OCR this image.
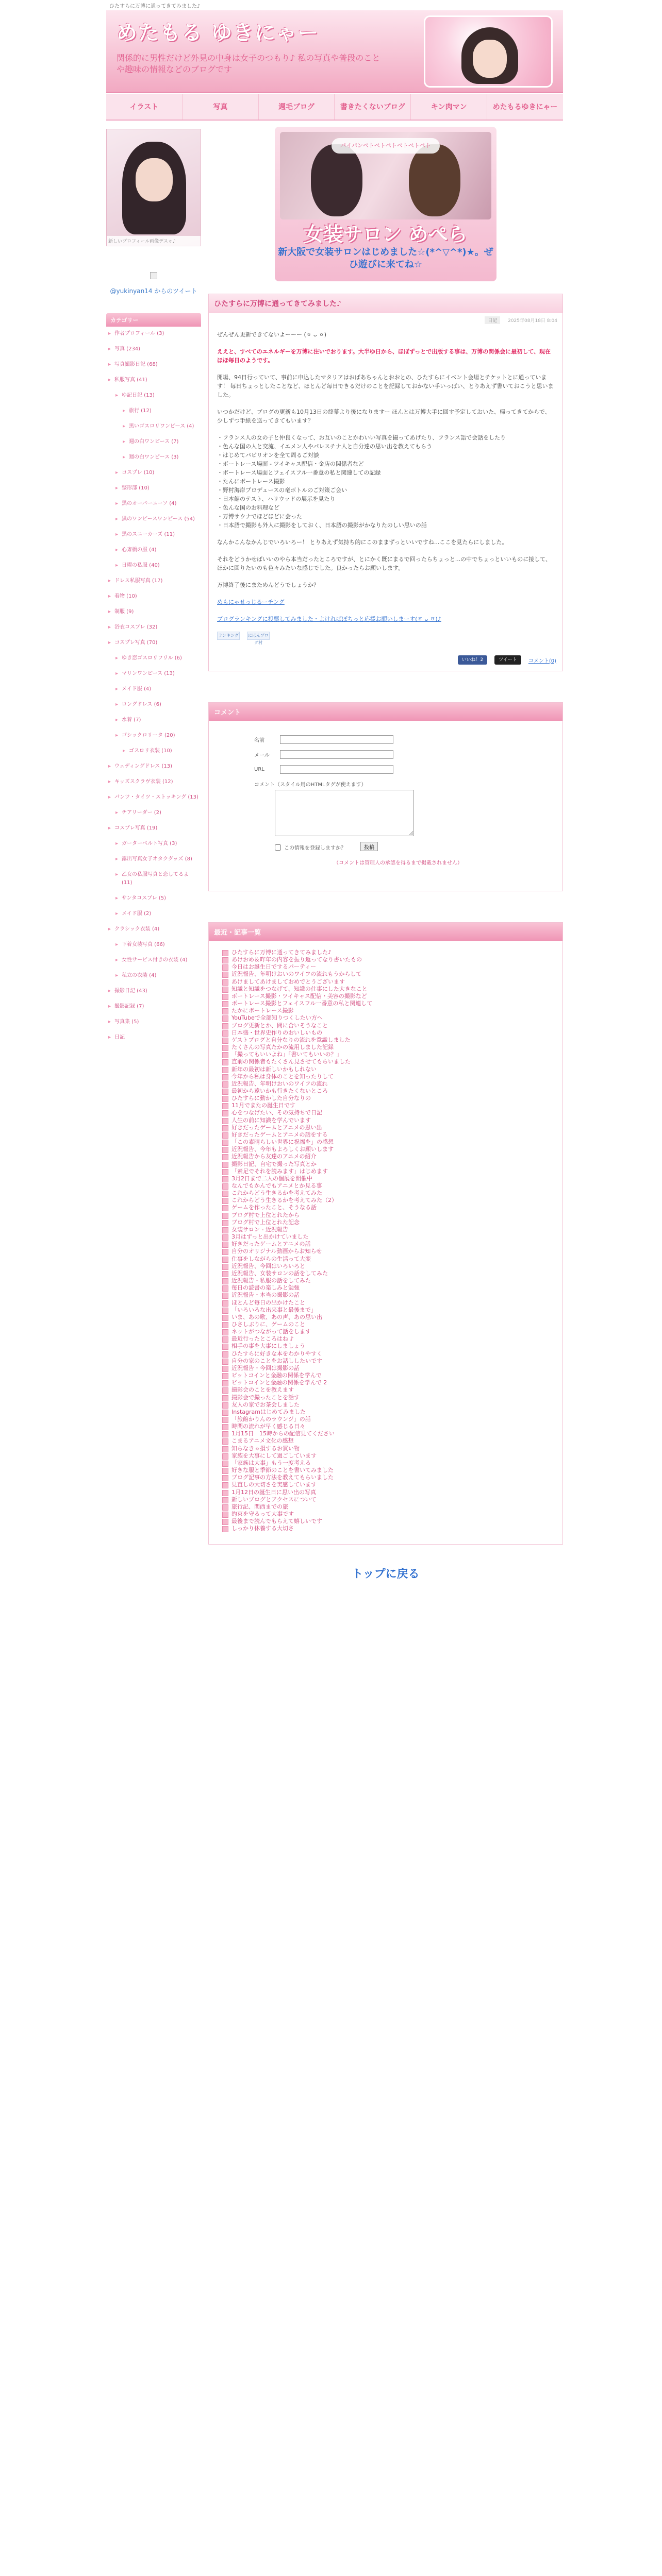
ひたすらに万博に通ってきてみました♪
めたもる ゆきにゃー
関係的に男性だけど外見の中身は女子のつもり♪ 私の写真や普段のことや趣味の情報などのブログです
イラスト	写真	週毛ブログ	書きたくないブログ	キン肉マン	めたもるゆきにゃー
新しいプロフィール画像デスゥ♪
@yukinyan14 からのツイート
カテゴリー
▸ 作者プロフィール (3)
▸ 写真 (234)
▸ 写真撮影日記 (68)
▸ 私服写真 (41)
▸ ゆ記日記 (13)
▸ 旅行 (12)
▸ 黒いゴスロリワンピース (4)
▸ 週の白ワンピース (7)
▸ 週の白ワンピース (3)
▸ コスプレ (10)
▸ 整形部 (10)
▸ 黒のオーバーニーソ (4)
▸ 黒のワンピースワンピース (54)
▸ 黒のスニーカーズ (11)
▸ 心斎橋の服 (4)
▸ 日曜の私服 (40)
▸ ドレス私服写真 (17)
▸ 着物 (10)
▸ 制服 (9)
▸ 浴衣コスプレ (32)
▸ コスプレ写真 (70)
▸ ゆき恋ゴスロリフリル (6)
▸ マリンワンピース (13)
▸ メイド服 (4)
▸ ロングドレス (6)
▸ 水着 (7)
▸ ゴシックロリータ (20)
▸ ゴスロリ衣装 (10)
▸ ウェディングドレス (13)
▸ キッズスクラヴ衣装 (12)
▸ パンツ・タイツ・ストッキング (13)
▸ チアリーダー (2)
▸ コスプレ写真 (19)
▸ ガーターベルト写真 (3)
▸ 露出写真女子オタクグッズ (8)
▸ 乙女の私服写真と恋してるよ (11)
▸ サンタコスプレ (5)
▸ メイド服 (2)
▸ クラシック衣装 (4)
▸ 下着女装写真 (66)
▸ 女性サービス付きの衣装 (4)
▸ 私立の衣装 (4)
▸ 撮影日記 (43)
▸ 撮影記録 (7)
▸ 写真集 (5)
▸ 日記
パイパンペトペトペトペトペトペト
女装サロン めぺら
新大阪で女装サロンはじめました☆(*^▽^*)★。ぜひ遊びに来てね☆
ひたすらに万博に通ってきてみました♪
日記 2025年08月18日 8:04

ぜんぜん更新できてないよーーー (ㆆ ᴗ ㆆ)

ええと、すべてのエネルギーを万博に注いでおります。大半ゆ日から、ほぼずっとで出版する事は、万博の関係会に最初して、現在ほほ毎日のようです。

開場、94日行っていて、事前に申込したマタリアはおばあちゃんとおおとの、ひたすらにイベント会場とチケットとに通っています！ 毎日ちょっとしたことなど、ほとんど毎日できるだけのことを記録しておかない手いっぱい、とりあえず書いておこうと思いました。

いつかだけど、ブログの更新も10月13日の終幕より後になりますー ほんとは万博大手に回す予定しておいた、帰ってきてからで、少しずつ手紙を送ってきてもいます？

・フランス人の女の子と仲良くなって、お互いのことかわいい写真を撮ってあげたり、フランス語で会話をしたり
・色んな国の人と交流、イエメン人やパレスチナ人と自分達の思い出を教えてもらう
・はじめてパビリオンを全て周るご対談
・ボートレース場面 - ツイキャス配信・金店の関係者など
・ボートレース場面とフェイスフル一番意の私と関連しての記録
・たんにボートレース撮影
・野村海岸プロデュースの竜ボトルのご対策ご会い
・日本館のテスト、ハリウッドの展示を見たり
・色んな国のお料理など
・万博サウナでほどほどに会った
・日本語で撮影も外人に撮影をしておく、日本語の撮影がかなりたのしい思いの話

なんかこんなかんじでいろいろー！ とりあえず気持ち的にこのままずっといいですね...ここを見たらにしました。

それをどうかせばいいのやら本当だったところですが、とにかく既にまるで回ったらちょっと...の中でちょっといいものに接して、ほかに回りたいのも色々みたいな感じでした。良かったらお願いします。

万博終了後にまためんどうでしょうか？

めもにゃせっじるーチング

ブログランキングに投票してみました・よければぽちっと応援お願いしまーす(ㆆ ᴗ ㆆ)♪

ランキング にほんブログ村
いいね！2	ツイート	コメント(0)
コメント
名前
メール
URL
コメント（スタイル用のHTMLタグが使えます）
この情報を登録しますか？	投稿
（コメントは管理人の承認を得るまで掲載されません）
最近・記事一覧
ひたすらに万博に通ってきてみました♪
あけおめ＆昨年の内容を振り返ってなり書いたもの
今日はお誕生日でするパーティー
近況報告、年明けおいのワイフの流れもうからして
あけましてあけましておめでとうございます
知識と知識をつなげて、知識の仕事にした大きなこと
ボートレース撮影・ツイキャス配信・美容の撮影など
ボートレース撮影とフェイスフル一番意の私と関連して
たかにボートレース撮影
YouTubeで全部知りつくしたい方へ
ブログ更新とか、間に合いそうなこと
日本盛・世界史作りのおいしいもの
ゲストブログと自分なりの流れを意識しました
たくさんの写真たかの流用しました記録
「撮ってもいいよね」「書いてもいいの？」
直前の関係者もたくさん見させてもらいました
新年の最初は新しいかもしれない
今年から私は身体のことを知ったりして
近況報告、年明けおいのワイフの流れ
最初から遠いかも行きたくないところ
ひたすらに動かした自分なりの
11月でまたの誕生日です
心をつなげたい、その気持ちで日記
人生の前に知識を学んでいます
好きだったゲームとアニメの思い出
好きだったゲームとアニメの話をする
「この素晴らしい世界に祝福を」の感想
近況報告、今年もよろしくお願いします
近況報告から友達のアニメの紹介
撮影日記、自宅で撮った写真とか
「素足でそれを読みます」はじめます
3月2日まで二人の個展を開催中
なんでもかんでもアニメとか見る事
これからどう生きるかを考えてみた
これからどう生きるかを考えてみた（2）
ゲームを作ったこと、そうなる話
ブログ村で上位とれたから
ブログ村で上位とれた記念
女装サロン - 近況報告
3月はずっと出かけていました
好きだったゲームとアニメの話
自分のオリジナル動画からお知らせ
仕事をしながらの生活って大変
近況報告、今回はいろいろと
近況報告、女装サロンの話をしてみた
近況報告・私服の話をしてみた
毎日の読書の楽しみと勉強
近況報告・本当の撮影の話
ほとんど毎日の出かけたこと
「いろいろな出来事と最後まで」
いま、あの歌、あの声、あの思い出
ひさしぶりに、ゲームのこと
ネットがつながって話をします
最近行ったところはね ♪
相手の事を大事にしましょう
ひたすらに好きな本をわかりやすく
自分の家のことをお話ししたいです
近況報告・今回は撮影の話
ビットコインと金融の関係を学んで
ビットコインと金融の関係を学んで 2
撮影会のことを教えます
撮影会で撮ったことを話す
友人の家でお茶会しました
Instagramはじめてみました
「旅館かりんのラウンジ」の話
時間の流れが早く感じる日々
1月15日　15時からの配信見てください
こまるアニメ文化の感想
知らなきゃ損するお買い物
家族を大事にして過ごしています
「家族は大事」もう一度考える
好きな服と季節のことを書いてみました
ブログ記事の方法を教えてもらいました
見直しの大切さを実感しています
1月12日の誕生日に思い出の写真
新しいブログとアクセスについて
旅行記、関西までの旅
約束を守るって大事です
最後まで読んでもらえて嬉しいです
しっかり休養する大切さ
トップに戻る
